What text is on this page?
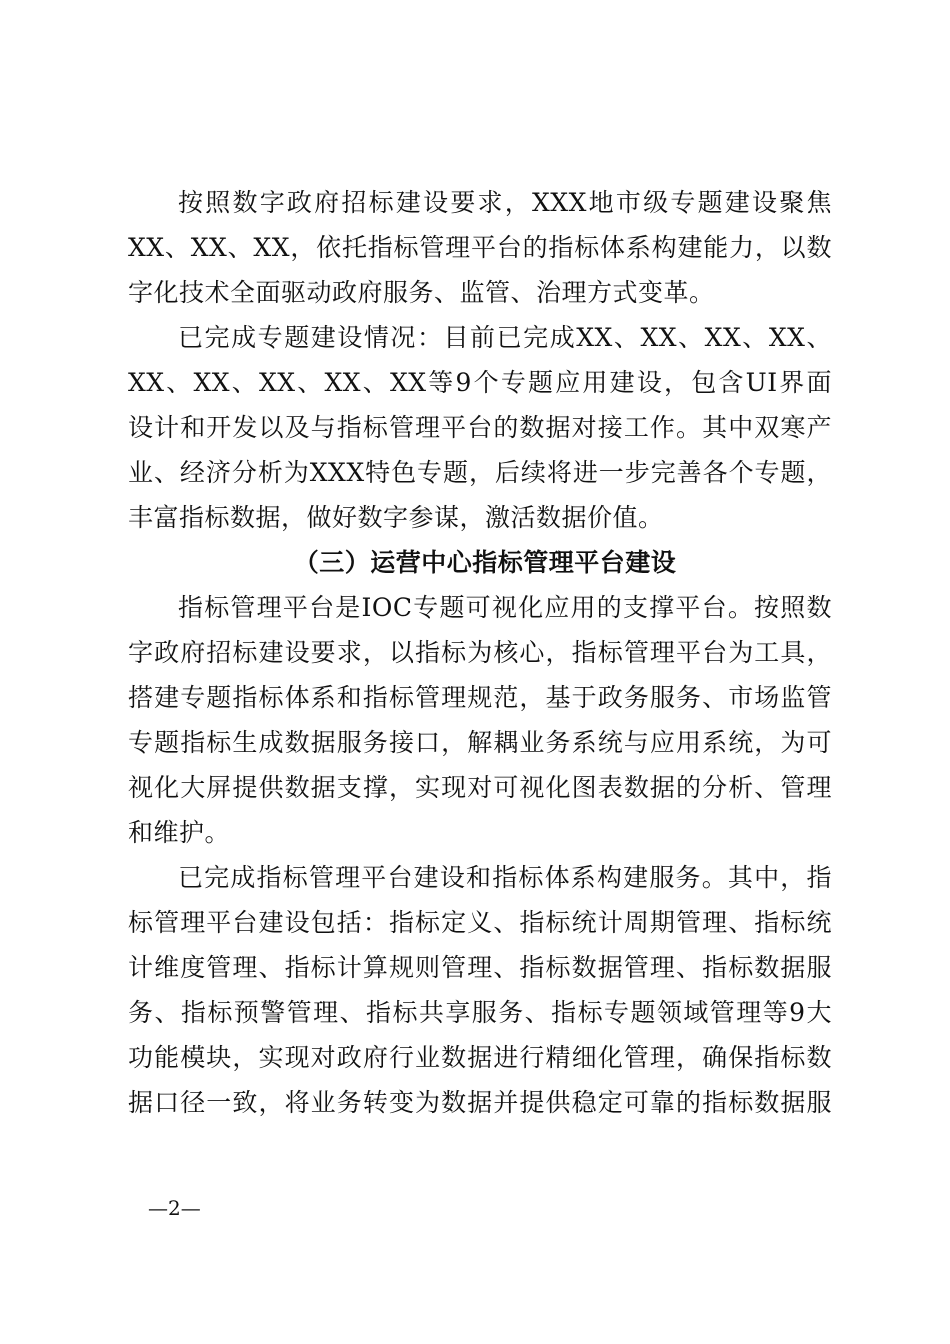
按照数字政府招标建设要求，XXX地市级专题建设聚焦
XX、XX、XX，依托指标管理平台的指标体系构建能力，以数
字化技术全面驱动政府服务、监管、治理方式变革。
已完成专题建设情况：目前已完成XX、XX、XX、XX、
XX、XX、XX、XX、XX等9个专题应用建设，包含UI界面
设计和开发以及与指标管理平台的数据对接工作。其中双寒产
业、经济分析为XXX特色专题，后续将进一步完善各个专题，
丰富指标数据，做好数字参谋，激活数据价值。
（三）运营中心指标管理平台建设
指标管理平台是IOC专题可视化应用的支撑平台。按照数
字政府招标建设要求，以指标为核心，指标管理平台为工具，
搭建专题指标体系和指标管理规范，基于政务服务、市场监管
专题指标生成数据服务接口，解耦业务系统与应用系统，为可
视化大屏提供数据支撑，实现对可视化图表数据的分析、管理
和维护。
已完成指标管理平台建设和指标体系构建服务。其中，指
标管理平台建设包括：指标定义、指标统计周期管理、指标统
计维度管理、指标计算规则管理、指标数据管理、指标数据服
务、指标预警管理、指标共享服务、指标专题领域管理等9大
功能模块，实现对政府行业数据进行精细化管理，确保指标数
据口径一致，将业务转变为数据并提供稳定可靠的指标数据服
—2—
